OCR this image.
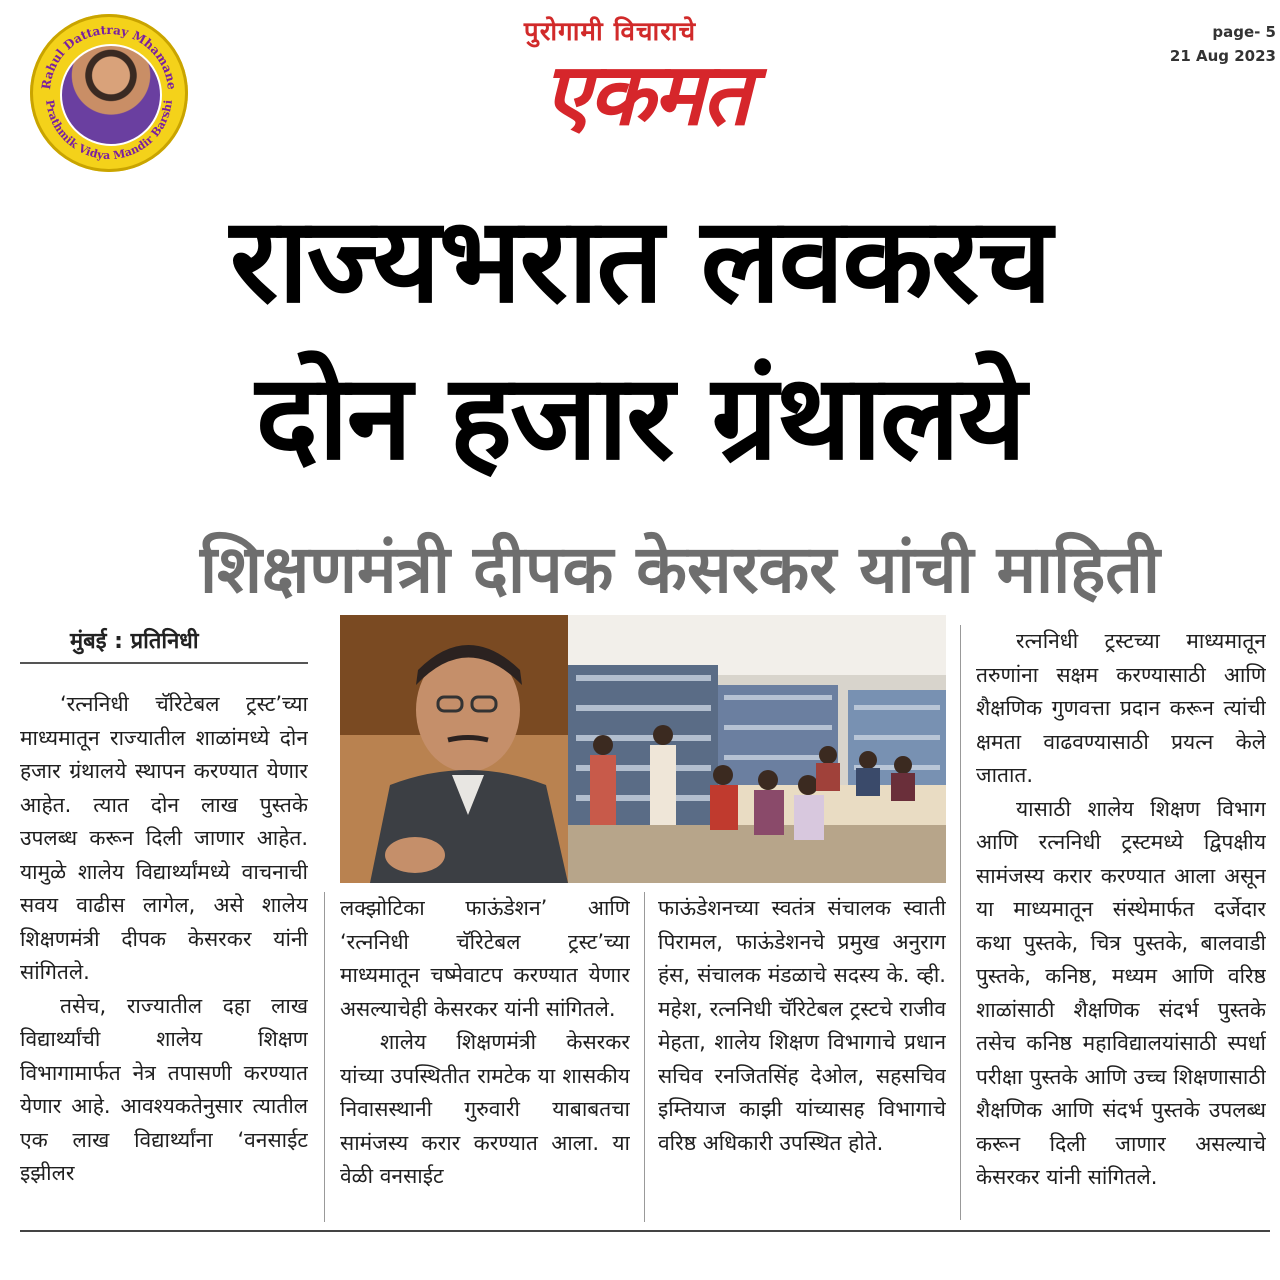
Rahul Dattatray Mhamane
Prathmik Vidya Mandir Barshi
पुरोगामी विचाराचे
एकमत
page- 5
21 Aug 2023
राज्यभरात लवकरच
दोन हजार ग्रंथालये
शिक्षणमंत्री दीपक केसरकर यांची माहिती
मुंबई : प्रतिनिधी

‘रत्ननिधी चॅरिटेबल ट्रस्ट’च्या माध्यमातून राज्यातील शाळांमध्ये दोन हजार ग्रंथालये स्थापन करण्यात येणार आहेत. त्यात दोन लाख पुस्तके उपलब्ध करून दिली जाणार आहेत. यामुळे शालेय विद्यार्थ्यांमध्ये वाचनाची सवय वाढीस लागेल, असे शालेय शिक्षणमंत्री दीपक केसरकर यांनी सांगितले.

तसेच, राज्यातील दहा लाख विद्यार्थ्यांची शालेय शिक्षण विभागामार्फत नेत्र तपासणी करण्यात येणार आहे. आवश्यकतेनुसार त्यातील एक लाख विद्यार्थ्यांना ‘वनसाईट इझीलर

लक्झोटिका फाऊंडेशन’ आणि ‘रत्ननिधी चॅरिटेबल ट्रस्ट’च्या माध्यमातून चष्मेवाटप करण्यात येणार असल्याचेही केसरकर यांनी सांगितले.

शालेय शिक्षणमंत्री केसरकर यांच्या उपस्थितीत रामटेक या शासकीय निवासस्थानी गुरुवारी याबाबतचा सामंजस्य करार करण्यात आला. या वेळी वनसाईट

फाऊंडेशनच्या स्वतंत्र संचालक स्वाती पिरामल, फाऊंडेशनचे प्रमुख अनुराग हंस, संचालक मंडळाचे सदस्य के. व्ही. महेश, रत्ननिधी चॅरिटेबल ट्रस्टचे राजीव मेहता, शालेय शिक्षण विभागाचे प्रधान सचिव रनजितसिंह देओल, सहसचिव इम्तियाज काझी यांच्यासह विभागाचे वरिष्ठ अधिकारी उपस्थित होते.

रत्ननिधी ट्रस्टच्या माध्यमातून तरुणांना सक्षम करण्यासाठी आणि शैक्षणिक गुणवत्ता प्रदान करून त्यांची क्षमता वाढवण्यासाठी प्रयत्न केले जातात.

यासाठी शालेय शिक्षण विभाग आणि रत्ननिधी ट्रस्टमध्ये द्विपक्षीय सामंजस्य करार करण्यात आला असून या माध्यमातून संस्थेमार्फत दर्जेदार कथा पुस्तके, चित्र पुस्तके, बालवाडी पुस्तके, कनिष्ठ, मध्यम आणि वरिष्ठ शाळांसाठी शैक्षणिक संदर्भ पुस्तके तसेच कनिष्ठ महाविद्यालयांसाठी स्पर्धा परीक्षा पुस्तके आणि उच्च शिक्षणासाठी शैक्षणिक आणि संदर्भ पुस्तके उपलब्ध करून दिली जाणार असल्याचे केसरकर यांनी सांगितले.
